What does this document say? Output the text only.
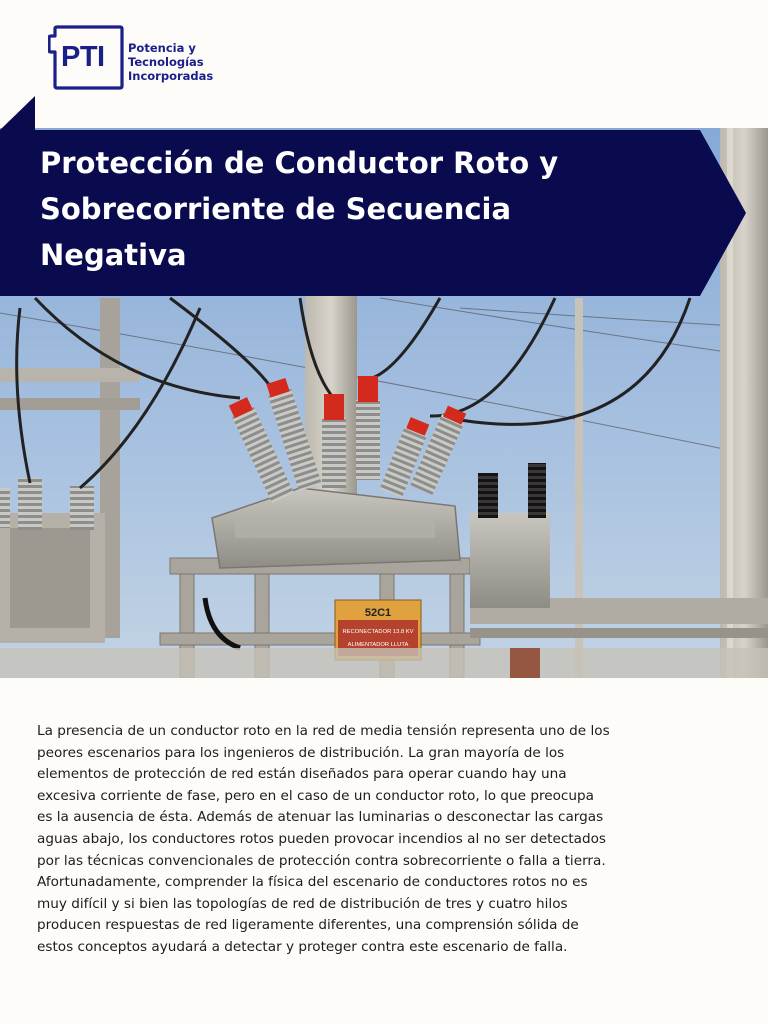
PTI	Potencia y
Tecnologías
Incorporadas
52C1
RECONECTADOR 13.8 KV
ALIMENTADOR LLUTA
Protección de Conductor Roto y
Sobrecorriente de Secuencia
Negativa
La presencia de un conductor roto en la red de media tensión representa uno de los
peores escenarios para los ingenieros de distribución. La gran mayoría de los
elementos de protección de red están diseñados para operar cuando hay una
excesiva corriente de fase, pero en el caso de un conductor roto, lo que preocupa
es la ausencia de ésta. Además de atenuar las luminarias o desconectar las cargas
aguas abajo, los conductores rotos pueden provocar incendios al no ser detectados
por las técnicas convencionales de protección contra sobrecorriente o falla a tierra.
Afortunadamente, comprender la física del escenario de conductores rotos no es
muy difícil y si bien las topologías de red de distribución de tres y cuatro hilos
producen respuestas de red ligeramente diferentes, una comprensión sólida de
estos conceptos ayudará a detectar y proteger contra este escenario de falla.
